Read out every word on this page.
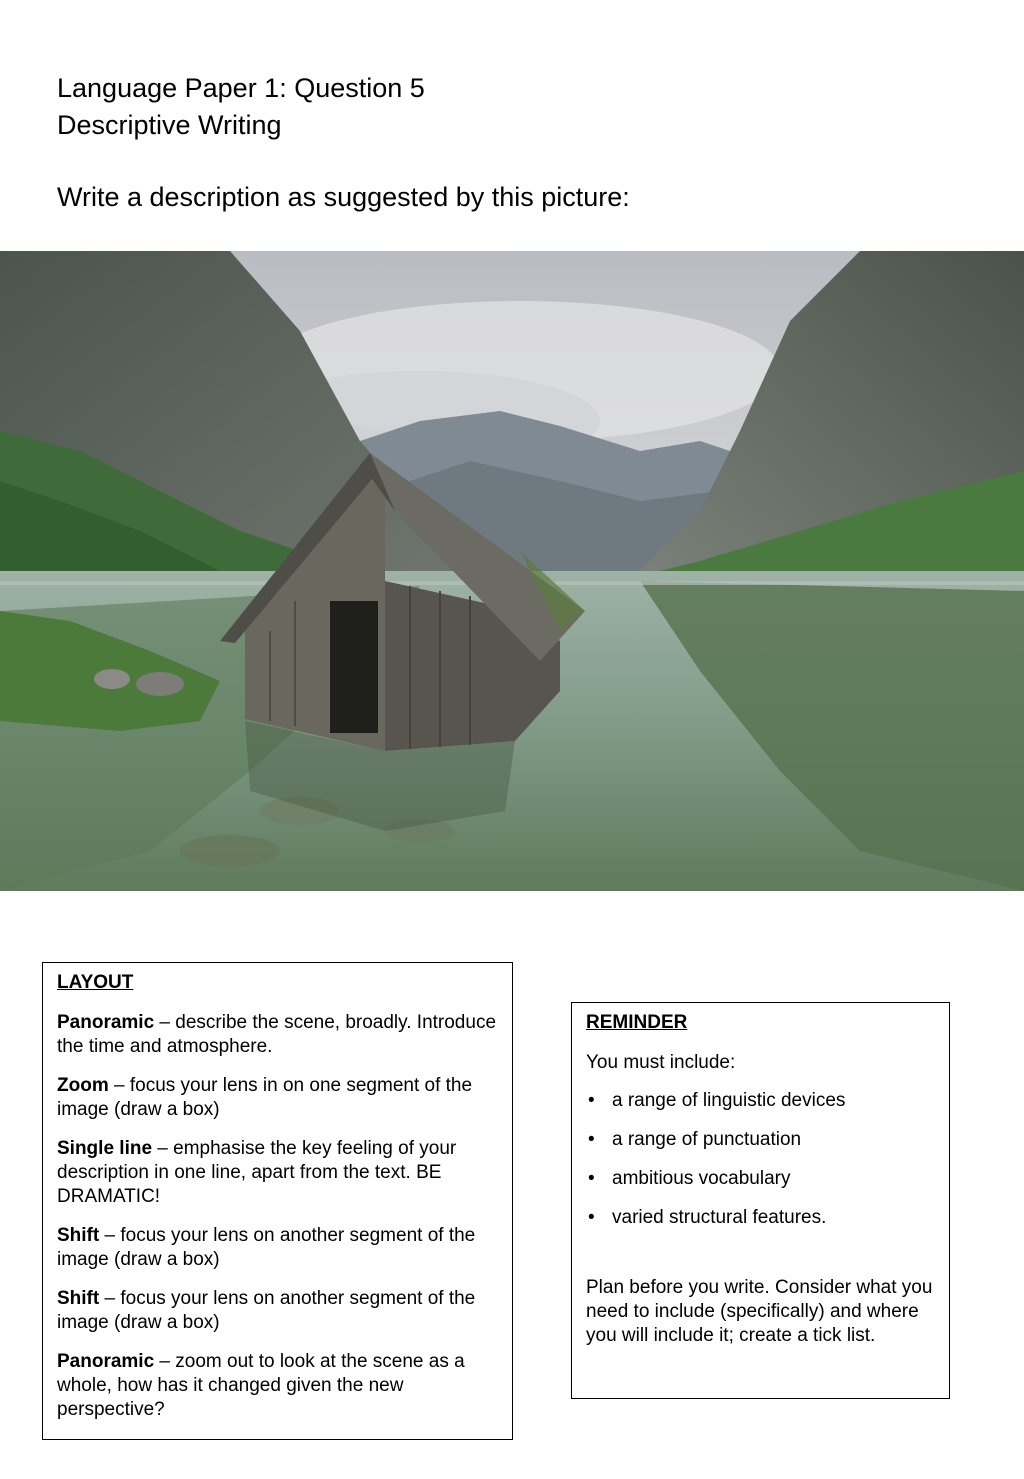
Language Paper 1: Question 5
Descriptive Writing
Write a description as suggested by this picture:
LAYOUT
Panoramic – describe the scene, broadly. Introduce the time and atmosphere.
Zoom – focus your lens in on one segment of the image (draw a box)
Single line – emphasise the key feeling of your description in one line, apart from the text. BE DRAMATIC!
Shift – focus your lens on another segment of the image (draw a box)
Shift – focus your lens on another segment of the image (draw a box)
Panoramic – zoom out to look at the scene as a whole, how has it changed given the new perspective?
REMINDER
You must include:
• a range of linguistic devices
• a range of punctuation
• ambitious vocabulary
• varied structural features.
Plan before you write. Consider what you need to include (specifically) and where you will include it; create a tick list.
